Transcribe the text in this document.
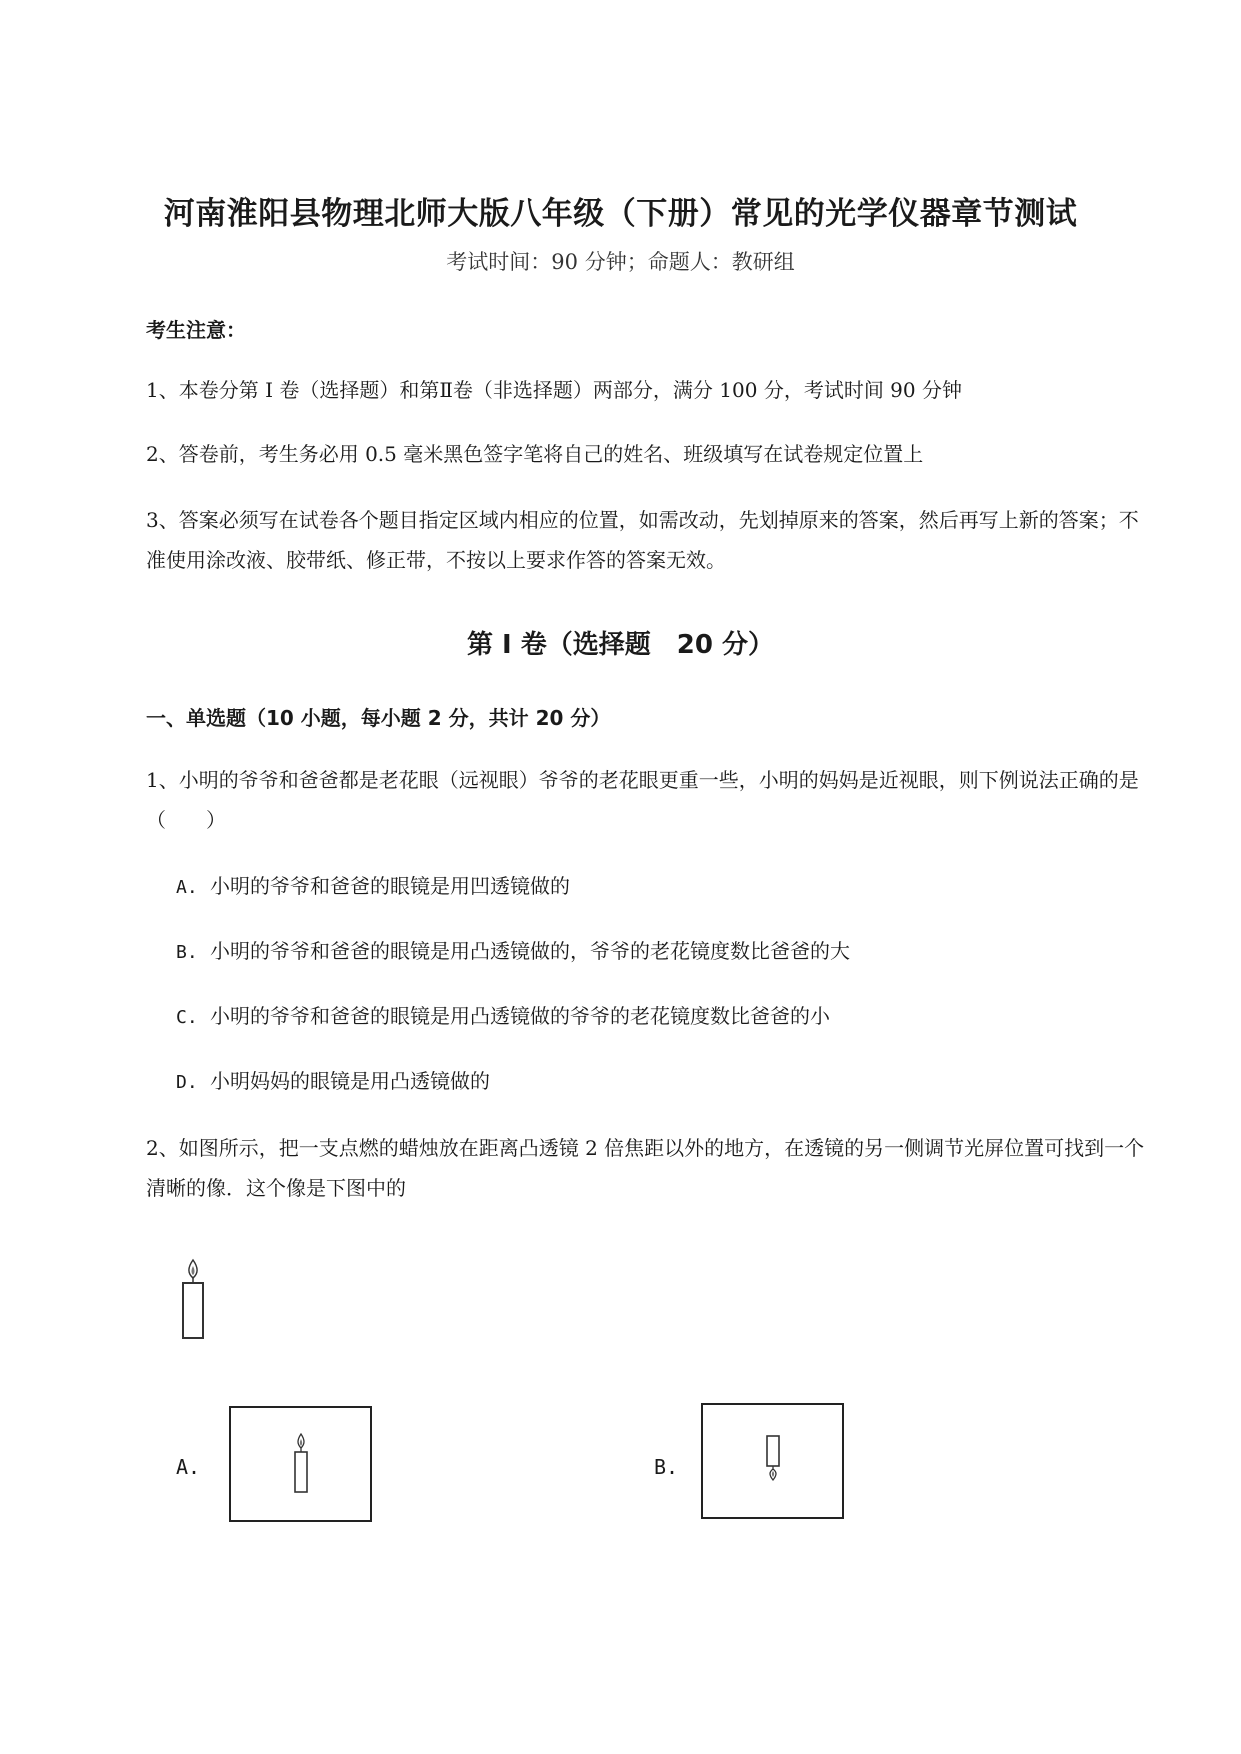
河南淮阳县物理北师大版八年级（下册）常见的光学仪器章节测试
考试时间：90 分钟；命题人：教研组
考生注意：
1、本卷分第 I 卷（选择题）和第Ⅱ卷（非选择题）两部分，满分 100 分，考试时间 90 分钟
2、答卷前，考生务必用 0.5 毫米黑色签字笔将自己的姓名、班级填写在试卷规定位置上
3、答案必须写在试卷各个题目指定区域内相应的位置，如需改动，先划掉原来的答案，然后再写上新的答案；不准使用涂改液、胶带纸、修正带，不按以上要求作答的答案无效。
第 I 卷（选择题　20 分）
一、单选题（10 小题，每小题 2 分，共计 20 分）
1、小明的爷爷和爸爸都是老花眼（远视眼）爷爷的老花眼更重一些，小明的妈妈是近视眼，则下例说法正确的是（　　）
A. 小明的爷爷和爸爸的眼镜是用凹透镜做的
B. 小明的爷爷和爸爸的眼镜是用凸透镜做的，爷爷的老花镜度数比爸爸的大
C. 小明的爷爷和爸爸的眼镜是用凸透镜做的爷爷的老花镜度数比爸爸的小
D. 小明妈妈的眼镜是用凸透镜做的
2、如图所示，把一支点燃的蜡烛放在距离凸透镜 2 倍焦距以外的地方，在透镜的另一侧调节光屏位置可找到一个清晰的像．这个像是下图中的
A.	B.
